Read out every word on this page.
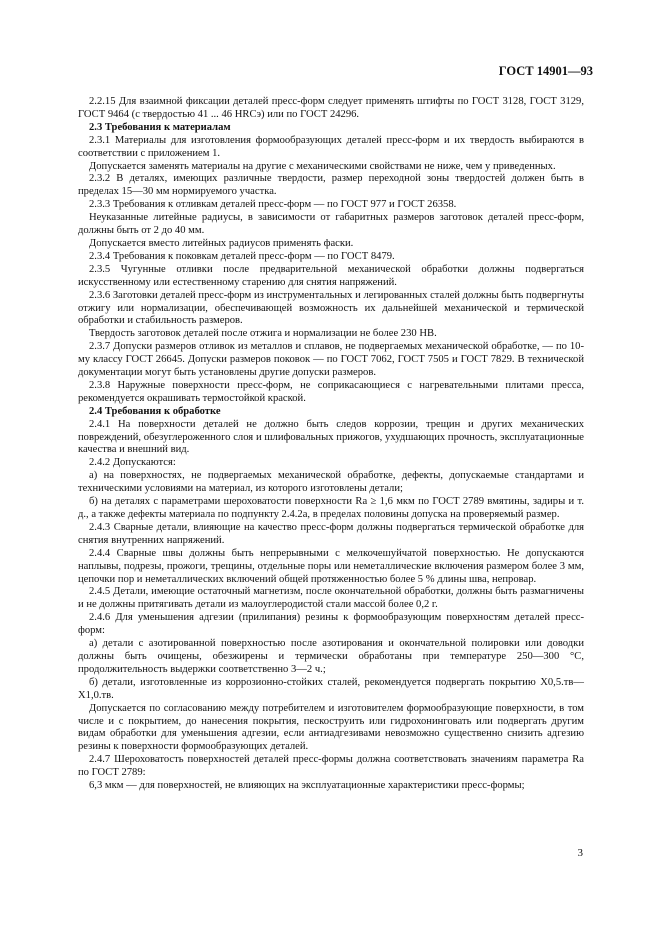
ГОСТ 14901—93

2.2.15 Для взаимной фиксации деталей пресс-форм следует применять штифты по ГОСТ 3128, ГОСТ 3129, ГОСТ 9464 (с твердостью 41 ... 46 HRCэ) или по ГОСТ 24296.

2.3 Требования к материалам

2.3.1 Материалы для изготовления формообразующих деталей пресс-форм и их твердость выбираются в соответствии с приложением 1.

Допускается заменять материалы на другие с механическими свойствами не ниже, чем у приведенных.

2.3.2 В деталях, имеющих различные твердости, размер переходной зоны твердостей должен быть в пределах 15—30 мм нормируемого участка.

2.3.3 Требования к отливкам деталей пресс-форм — по ГОСТ 977 и ГОСТ 26358.

Неуказанные литейные радиусы, в зависимости от габаритных размеров заготовок деталей пресс-форм, должны быть от 2 до 40 мм.

Допускается вместо литейных радиусов применять фаски.

2.3.4 Требования к поковкам деталей пресс-форм — по ГОСТ 8479.

2.3.5 Чугунные отливки после предварительной механической обработки должны подвергаться искусственному или естественному старению для снятия напряжений.

2.3.6 Заготовки деталей пресс-форм из инструментальных и легированных сталей должны быть подвергнуты отжигу или нормализации, обеспечивающей возможность их дальнейшей механической и термической обработки и стабильность размеров.

Твердость заготовок деталей после отжига и нормализации не более 230 НВ.

2.3.7 Допуски размеров отливок из металлов и сплавов, не подвергаемых механической обработке, — по 10-му классу ГОСТ 26645. Допуски размеров поковок — по ГОСТ 7062, ГОСТ 7505 и ГОСТ 7829. В технической документации могут быть установлены другие допуски размеров.

2.3.8 Наружные поверхности пресс-форм, не соприкасающиеся с нагревательными плитами пресса, рекомендуется окрашивать термостойкой краской.

2.4 Требования к обработке

2.4.1 На поверхности деталей не должно быть следов коррозии, трещин и других механических повреждений, обезуглероженного слоя и шлифовальных прижогов, ухудшающих прочность, эксплуатационные качества и внешний вид.

2.4.2 Допускаются:

а) на поверхностях, не подвергаемых механической обработке, дефекты, допускаемые стандартами и техническими условиями на материал, из которого изготовлены детали;

б) на деталях с параметрами шероховатости поверхности Ra ≥ 1,6 мкм по ГОСТ 2789 вмятины, задиры и т. д., а также дефекты материала по подпункту 2.4.2а, в пределах половины допуска на проверяемый размер.

2.4.3 Сварные детали, влияющие на качество пресс-форм должны подвергаться термической обработке для снятия внутренних напряжений.

2.4.4 Сварные швы должны быть непрерывными с мелкочешуйчатой поверхностью. Не допускаются наплывы, подрезы, прожоги, трещины, отдельные поры или неметаллические включения размером более 3 мм, цепочки пор и неметаллических включений общей протяженностью более 5 % длины шва, непровар.

2.4.5 Детали, имеющие остаточный магнетизм, после окончательной обработки, должны быть размагничены и не должны притягивать детали из малоуглеродистой стали массой более 0,2 г.

2.4.6 Для уменьшения адгезии (прилипания) резины к формообразующим поверхностям деталей пресс-форм:

а) детали с азотированной поверхностью после азотирования и окончательной полировки или доводки должны быть очищены, обезжирены и термически обработаны при температуре 250—300 °С, продолжительность выдержки соответственно 3—2 ч.;

б) детали, изготовленные из коррозионно-стойких сталей, рекомендуется подвергать покрытию Х0,5.тв—Х1,0.тв.

Допускается по согласованию между потребителем и изготовителем формообразующие поверхности, в том числе и с покрытием, до нанесения покрытия, пескоструить или гидрохонинговать или подвергать другим видам обработки для уменьшения адгезии, если антиадгезивами невозможно существенно снизить адгезию резины к поверхности формообразующих деталей.

2.4.7 Шероховатость поверхностей деталей пресс-формы должна соответствовать значениям параметра Ra по ГОСТ 2789:

6,3 мкм — для поверхностей, не влияющих на эксплуатационные характеристики пресс-формы;

3
